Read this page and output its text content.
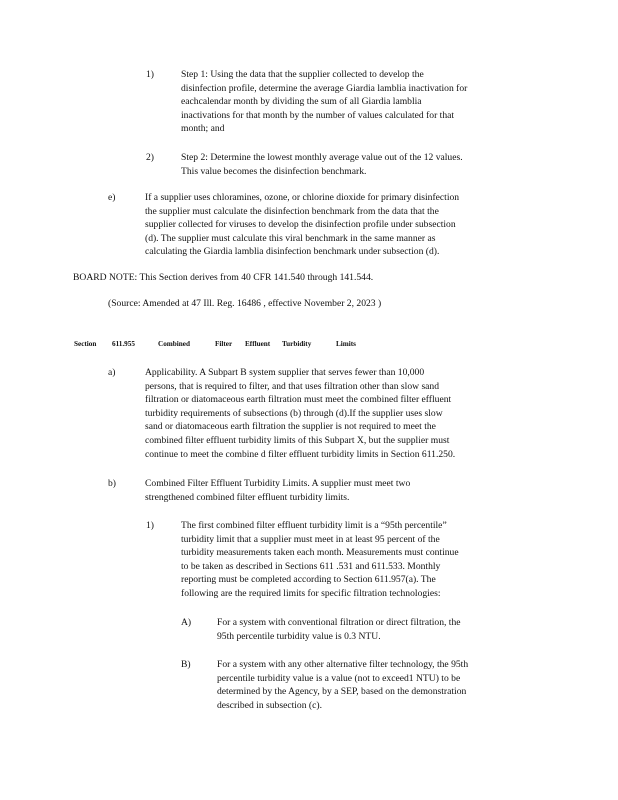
1)	Step 1: Using the data that the supplier collected to develop the
disinfection profile, determine the average Giardia lamblia inactivation for
eachcalendar month by dividing the sum of all Giardia lamblia
inactivations for that month by the number of values calculated for that
month; and
2)	Step 2: Determine the lowest monthly average value out of the 12 values.
This value becomes the disinfection benchmark.
e)	If a supplier uses chloramines, ozone, or chlorine dioxide for primary disinfection
the supplier must calculate the disinfection benchmark from the data that the
supplier collected for viruses to develop the disinfection profile under subsection
(d). The supplier must calculate this viral benchmark in the same manner as
calculating the Giardia lamblia disinfection benchmark under subsection (d).
BOARD NOTE: This Section derives from 40 CFR 141.540 through 141.544.
(Source: Amended at 47 Ill. Reg. 16486 , effective November 2, 2023 )
Section 611.955	Combined	Filter Effluent Turbidity	Limits
a)	Applicability. A Subpart B system supplier that serves fewer than 10,000
persons, that is required to filter, and that uses filtration other than slow sand
filtration or diatomaceous earth filtration must meet the combined filter effluent
turbidity requirements of subsections (b) through (d).If the supplier uses slow
sand or diatomaceous earth filtration the supplier is not required to meet the
combined filter effluent turbidity limits of this Subpart X, but the supplier must
continue to meet the combine d filter effluent turbidity limits in Section 611.250.
b)	Combined Filter Effluent Turbidity Limits. A supplier must meet two
strengthened combined filter effluent turbidity limits.
1)	The first combined filter effluent turbidity limit is a “95th percentile”
turbidity limit that a supplier must meet in at least 95 percent of the
turbidity measurements taken each month. Measurements must continue
to be taken as described in Sections 611 .531 and 611.533. Monthly
reporting must be completed according to Section 611.957(a). The
following are the required limits for specific filtration technologies:
A)	For a system with conventional filtration or direct filtration, the
95th percentile turbidity value is 0.3 NTU.
B)	For a system with any other alternative filter technology, the 95th
percentile turbidity value is a value (not to exceed1 NTU) to be
determined by the Agency, by a SEP, based on the demonstration
described in subsection (c).
